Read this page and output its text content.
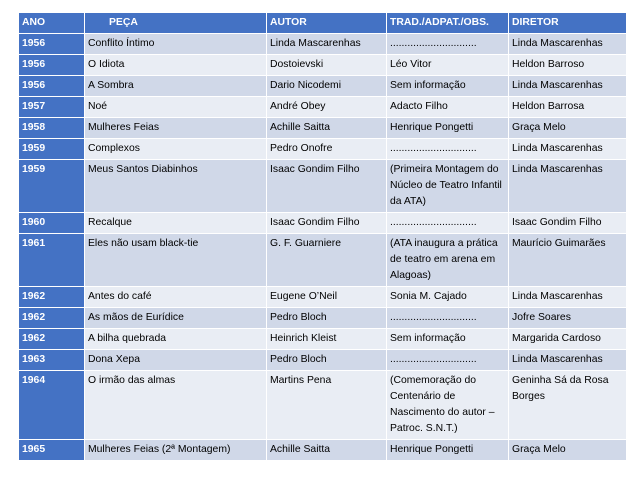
ANO	PEÇA	AUTOR	TRAD./ADPAT./OBS.	DIRETOR
1956	Conflito Íntimo	Linda Mascarenhas	..............................	Linda Mascarenhas
1956	O Idiota	Dostoievski	Léo Vitor	Heldon Barroso
1956	A Sombra	Dario Nicodemi	Sem informação	Linda Mascarenhas
1957	Noé	André Obey	Adacto Filho	Heldon Barrosa
1958	Mulheres Feias	Achille Saitta	Henrique Pongetti	Graça Melo
1959	Complexos	Pedro Onofre	..............................	Linda Mascarenhas
1959	Meus Santos Diabinhos	Isaac Gondim Filho	(Primeira Montagem do Núcleo de Teatro Infantil da ATA)	Linda Mascarenhas
1960	Recalque	Isaac Gondim Filho	..............................	Isaac Gondim Filho
1961	Eles não usam black-tie	G. F. Guarniere	(ATA inaugura a prática de teatro em arena em Alagoas)	Maurício Guimarães
1962	Antes do café	Eugene O’Neil	Sonia M. Cajado	Linda Mascarenhas
1962	As mãos de Eurídice	Pedro Bloch	..............................	Jofre Soares
1962	A bilha quebrada	Heinrich Kleist	Sem informação	Margarida Cardoso
1963	Dona Xepa	Pedro Bloch	..............................	Linda Mascarenhas
1964	O irmão das almas	Martins Pena	(Comemoração do Centenário de Nascimento do autor – Patroc. S.N.T.)	Geninha Sá da Rosa Borges
1965	Mulheres Feias (2ª Montagem)	Achille Saitta	Henrique Pongetti	Graça Melo
